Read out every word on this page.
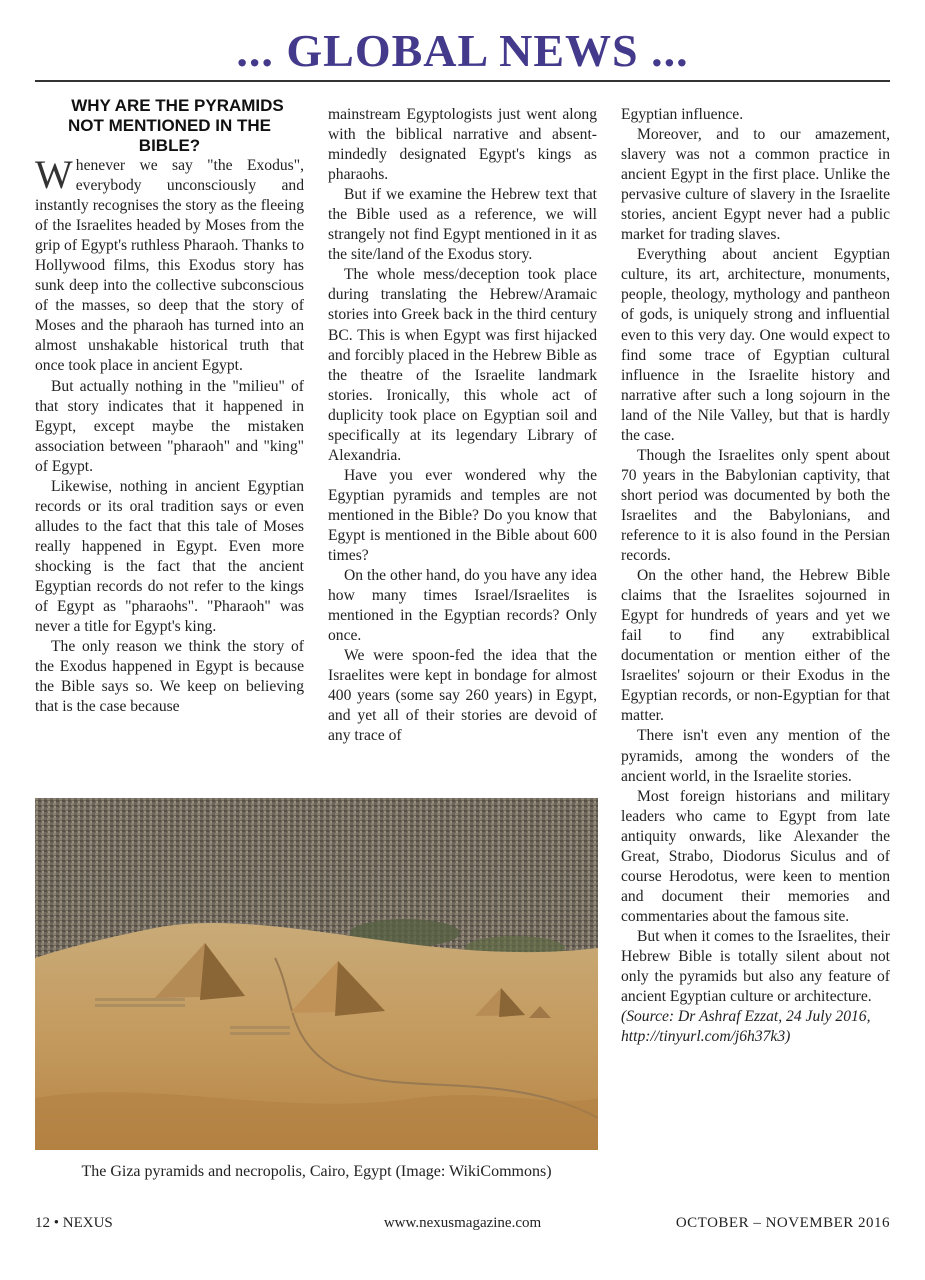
... GLOBAL NEWS ...

WHY ARE THE PYRAMIDS NOT MENTIONED IN THE BIBLE?

Whenever we say "the Exodus", everybody unconsciously and instantly recognises the story as the fleeing of the Israelites headed by Moses from the grip of Egypt's ruthless Pharaoh. Thanks to Hollywood films, this Exodus story has sunk deep into the collective subconscious of the masses, so deep that the story of Moses and the pharaoh has turned into an almost unshakable historical truth that once took place in ancient Egypt.

But actually nothing in the "milieu" of that story indicates that it happened in Egypt, except maybe the mistaken association between "pharaoh" and "king" of Egypt.

Likewise, nothing in ancient Egyptian records or its oral tradition says or even alludes to the fact that this tale of Moses really happened in Egypt. Even more shocking is the fact that the ancient Egyptian records do not refer to the kings of Egypt as "pharaohs". "Pharaoh" was never a title for Egypt's king.

The only reason we think the story of the Exodus happened in Egypt is because the Bible says so. We keep on believing that is the case because

mainstream Egyptologists just went along with the biblical narrative and absent-mindedly designated Egypt's kings as pharaohs.

But if we examine the Hebrew text that the Bible used as a reference, we will strangely not find Egypt mentioned in it as the site/land of the Exodus story.

The whole mess/deception took place during translating the Hebrew/Aramaic stories into Greek back in the third century BC. This is when Egypt was first hijacked and forcibly placed in the Hebrew Bible as the theatre of the Israelite landmark stories. Ironically, this whole act of duplicity took place on Egyptian soil and specifically at its legendary Library of Alexandria.

Have you ever wondered why the Egyptian pyramids and temples are not mentioned in the Bible? Do you know that Egypt is mentioned in the Bible about 600 times?

On the other hand, do you have any idea how many times Israel/Israelites is mentioned in the Egyptian records? Only once.

We were spoon-fed the idea that the Israelites were kept in bondage for almost 400 years (some say 260 years) in Egypt, and yet all of their stories are devoid of any trace of

Egyptian influence.

Moreover, and to our amazement, slavery was not a common practice in ancient Egypt in the first place. Unlike the pervasive culture of slavery in the Israelite stories, ancient Egypt never had a public market for trading slaves.

Everything about ancient Egyptian culture, its art, architecture, monuments, people, theology, mythology and pantheon of gods, is uniquely strong and influential even to this very day. One would expect to find some trace of Egyptian cultural influence in the Israelite history and narrative after such a long sojourn in the land of the Nile Valley, but that is hardly the case.

Though the Israelites only spent about 70 years in the Babylonian captivity, that short period was documented by both the Israelites and the Babylonians, and reference to it is also found in the Persian records.

On the other hand, the Hebrew Bible claims that the Israelites sojourned in Egypt for hundreds of years and yet we fail to find any extrabiblical documentation or mention either of the Israelites' sojourn or their Exodus in the Egyptian records, or non-Egyptian for that matter.

There isn't even any mention of the pyramids, among the wonders of the ancient world, in the Israelite stories.

Most foreign historians and military leaders who came to Egypt from late antiquity onwards, like Alexander the Great, Strabo, Diodorus Siculus and of course Herodotus, were keen to mention and document their memories and commentaries about the famous site.

But when it comes to the Israelites, their Hebrew Bible is totally silent about not only the pyramids but also any feature of ancient Egyptian culture or architecture.

(Source: Dr Ashraf Ezzat, 24 July 2016, http://tinyurl.com/j6h37k3)

The Giza pyramids and necropolis, Cairo, Egypt (Image: WikiCommons)
12 • NEXUS	www.nexusmagazine.com	OCTOBER – NOVEMBER 2016
